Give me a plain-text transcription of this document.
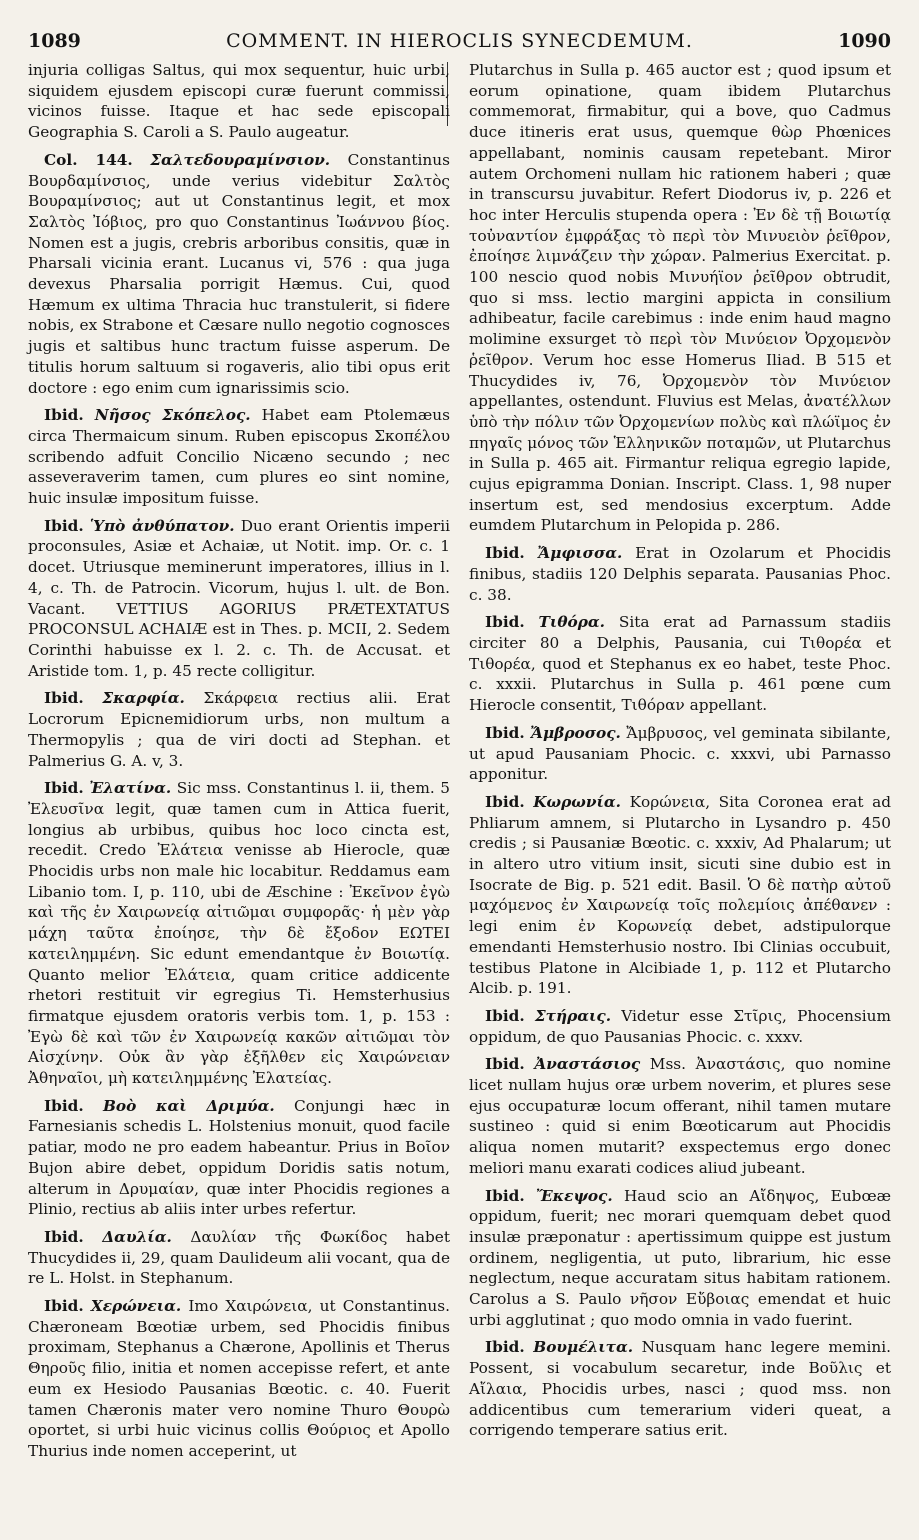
1089	COMMENT. IN HIEROCLIS SYNECDEMUM.	1090

injuria colligas Saltus, qui mox sequentur, huic urbi, siquidem ejusdem episcopi curæ fuerunt commissi, vicinos fuisse. Itaque et hac sede episcopali Geographia S. Caroli a S. Paulo augeatur.

Col. 144. Σαλτεδουραμίνσιον. Constantinus Βουρδαμίνσιος, unde verius videbitur Σαλτὸς Βουραμίνσιος; aut ut Constantinus legit, et mox Σαλτὸς Ἰόβιος, pro quo Constantinus Ἰωάννου βίος. Nomen est a jugis, crebris arboribus consitis, quæ in Pharsali vicinia erant. Lucanus vi, 576 : qua juga devexus Pharsalia porrigit Hæmus. Cui, quod Hæmum ex ultima Thracia huc transtulerit, si fidere nobis, ex Strabone et Cæsare nullo negotio cognosces jugis et saltibus hunc tractum fuisse asperum. De titulis horum saltuum si rogaveris, alio tibi opus erit doctore : ego enim cum ignarissimis scio.

Ibid. Νῆσος Σκόπελος. Habet eam Ptolemæus circa Thermaicum sinum. Ruben episcopus Σκοπέλου scribendo adfuit Concilio Nicæno secundo ; nec asseveraverim tamen, cum plures eo sint nomine, huic insulæ impositum fuisse.

Ibid. Ὑπὸ ἀνθύπατον. Duo erant Orientis imperii proconsules, Asiæ et Achaiæ, ut Notit. imp. Or. c. 1 docet. Utriusque meminerunt imperatores, illius in l. 4, c. Th. de Patrocin. Vicorum, hujus l. ult. de Bon. Vacant. VETTIUS AGORIUS PRÆTEXTATUS PROCONSUL ACHAIÆ est in Thes. p. MCII, 2. Sedem Corinthi habuisse ex l. 2. c. Th. de Accusat. et Aristide tom. 1, p. 45 recte colligitur.

Ibid. Σκαρφία. Σκάρφεια rectius alii. Erat Locrorum Epicnemidiorum urbs, non multum a Thermopylis ; qua de viri docti ad Stephan. et Palmerius G. A. v, 3.

Ibid. Ἐλατίνα. Sic mss. Constantinus l. ii, them. 5 Ἐλευσῖνα legit, quæ tamen cum in Attica fuerit, longius ab urbibus, quibus hoc loco cincta est, recedit. Credo Ἐλάτεια venisse ab Hierocle, quæ Phocidis urbs non male hic locabitur. Reddamus eam Libanio tom. I, p. 110, ubi de Æschine : Ἐκεῖνον ἐγὼ καὶ τῆς ἐν Χαιρωνείᾳ αἰτιῶμαι συμφορᾶς· ἡ μὲν γὰρ μάχη ταῦτα ἐποίησε, τὴν δὲ ἔξοδον ΕΩΤΕΙ κατειλημμένη. Sic edunt emendantque ἐν Βοιωτίᾳ. Quanto melior Ἐλάτεια, quam critice addicente rhetori restituit vir egregius Ti. Hemsterhusius firmatque ejusdem oratoris verbis tom. 1, p. 153 : Ἐγὼ δὲ καὶ τῶν ἐν Χαιρωνείᾳ κακῶν αἰτιῶμαι τὸν Αἰσχίνην. Οὐκ ἂν γὰρ ἐξῆλθεν εἰς Χαιρώνειαν Ἀθηναῖοι, μὴ κατειλημμένης Ἐλατείας.

Ibid. Βοὸ καὶ Δριμύα. Conjungi hæc in Farnesianis schedis L. Holstenius monuit, quod facile patiar, modo ne pro eadem habeantur. Prius in Βοῖον Bujon abire debet, oppidum Doridis satis notum, alterum in Δρυμαίαν, quæ inter Phocidis regiones a Plinio, rectius ab aliis inter urbes refertur.

Ibid. Δαυλία. Δαυλίαν τῆς Φωκίδος habet Thucydides ii, 29, quam Daulideum alii vocant, qua de re L. Holst. in Stephanum.

Ibid. Χερώνεια. Imo Χαιρώνεια, ut Constantinus. Chæroneam Bœotiæ urbem, sed Phocidis finibus proximam, Stephanus a Chærone, Apollinis et Therus Θηροῦς filio, initia et nomen accepisse refert, et ante eum ex Hesiodo Pausanias Bœotic. c. 40. Fuerit tamen Chæronis mater vero nomine Thuro Θουρὼ oportet, si urbi huic vicinus collis Θούριος et Apollo Thurius inde nomen acceperint, ut

Plutarchus in Sulla p. 465 auctor est ; quod ipsum et eorum opinatione, quam ibidem Plutarchus commemorat, firmabitur, qui a bove, quo Cadmus duce itineris erat usus, quemque θὼρ Phœnices appellabant, nominis causam repetebant. Miror autem Orchomeni nullam hic rationem haberi ; quæ in transcursu juvabitur. Refert Diodorus iv, p. 226 et hoc inter Herculis stupenda opera : Ἐν δὲ τῇ Βοιωτίᾳ τοὐναντίον ἐμφράξας τὸ περὶ τὸν Μινυειὸν ῥεῖθρον, ἐποίησε λιμνάζειν τὴν χώραν. Palmerius Exercitat. p. 100 nescio quod nobis Μινυήϊον ῥεῖθρον obtrudit, quo si mss. lectio margini appicta in consilium adhibeatur, facile carebimus : inde enim haud magno molimine exsurget τὸ περὶ τὸν Μινύειον Ὀρχομενὸν ῥεῖθρον. Verum hoc esse Homerus Iliad. B 515 et Thucydides iv, 76, Ὀρχομενὸν τὸν Μινύειον appellantes, ostendunt. Fluvius est Melas, ἀνατέλλων ὑπὸ τὴν πόλιν τῶν Ὀρχομενίων πολὺς καὶ πλώϊμος ἐν πηγαῖς μόνος τῶν Ἑλληνικῶν ποταμῶν, ut Plutarchus in Sulla p. 465 ait. Firmantur reliqua egregio lapide, cujus epigramma Donian. Inscript. Class. 1, 98 nuper insertum est, sed mendosius excerptum. Adde eumdem Plutarchum in Pelopida p. 286.

Ibid. Ἄμφισσα. Erat in Ozolarum et Phocidis finibus, stadiis 120 Delphis separata. Pausanias Phoc. c. 38.

Ibid. Τιθόρα. Sita erat ad Parnassum stadiis circiter 80 a Delphis, Pausania, cui Τιθορέα et Τιθορέα, quod et Stephanus ex eo habet, teste Phoc. c. xxxii. Plutarchus in Sulla p. 461 pœne cum Hierocle consentit, Τιθόραν appellant.

Ibid. Ἄμβροσος. Ἄμβρυσος, vel geminata sibilante, ut apud Pausaniam Phocic. c. xxxvi, ubi Parnasso apponitur.

Ibid. Κωρωνία. Κορώνεια, Sita Coronea erat ad Phliarum amnem, si Plutarcho in Lysandro p. 450 credis ; si Pausaniæ Bœotic. c. xxxiv, Ad Phalarum; ut in altero utro vitium insit, sicuti sine dubio est in Isocrate de Big. p. 521 edit. Basil. Ὁ δὲ πατὴρ αὐτοῦ μαχόμενος ἐν Χαιρωνείᾳ τοῖς πολεμίοις ἀπέθανεν : legi enim ἐν Κορωνείᾳ debet, adstipulorque emendanti Hemsterhusio nostro. Ibi Clinias occubuit, testibus Platone in Alcibiade 1, p. 112 et Plutarcho Alcib. p. 191.

Ibid. Στήραις. Videtur esse Στῖρις, Phocensium oppidum, de quo Pausanias Phocic. c. xxxv.

Ibid. Ἀναστάσιος Mss. Ἀναστάσις, quo nomine licet nullam hujus oræ urbem noverim, et plures sese ejus occupaturæ locum offerant, nihil tamen mutare sustineo : quid si enim Bœoticarum aut Phocidis aliqua nomen mutarit? exspectemus ergo donec meliori manu exarati codices aliud jubeant.

Ibid. Ἔκεψος. Haud scio an Αἴδηψος, Eubœæ oppidum, fuerit; nec morari quemquam debet quod insulæ præponatur : apertissimum quippe est justum ordinem, negligentia, ut puto, librarium, hic esse neglectum, neque accuratam situs habitam rationem. Carolus a S. Paulo νῆσον Εὔβοιας emendat et huic urbi agglutinat ; quo modo omnia in vado fuerint.

Ibid. Βουμέλιτα. Nusquam hanc legere memini. Possent, si vocabulum secaretur, inde Βοῦλις et Αἴλαια, Phocidis urbes, nasci ; quod mss. non addicentibus cum temerarium videri queat, a corrigendo temperare satius erit.
